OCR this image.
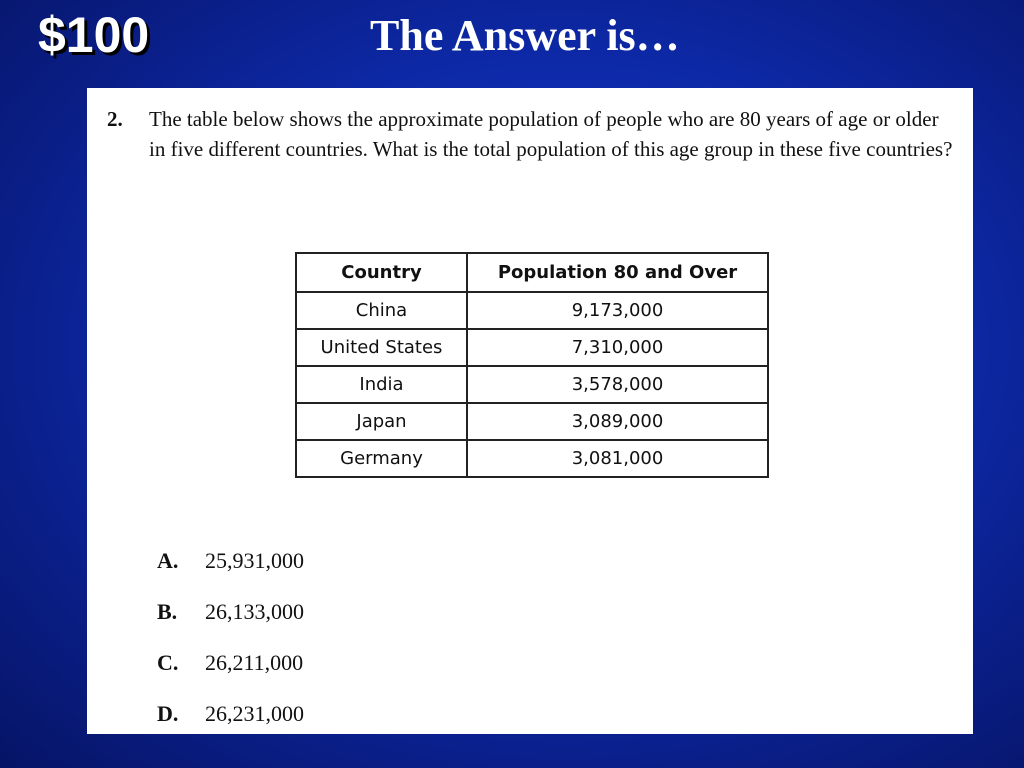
$100	The Answer is…
2. The table below shows the approximate population of people who are 80 years of age or older in five different countries. What is the total population of this age group in these five countries?
Country	Population 80 and Over
China	9,173,000
United States	7,310,000
India	3,578,000
Japan	3,089,000
Germany	3,081,000
A. 25,931,000
B. 26,133,000
C. 26,211,000
D. 26,231,000
